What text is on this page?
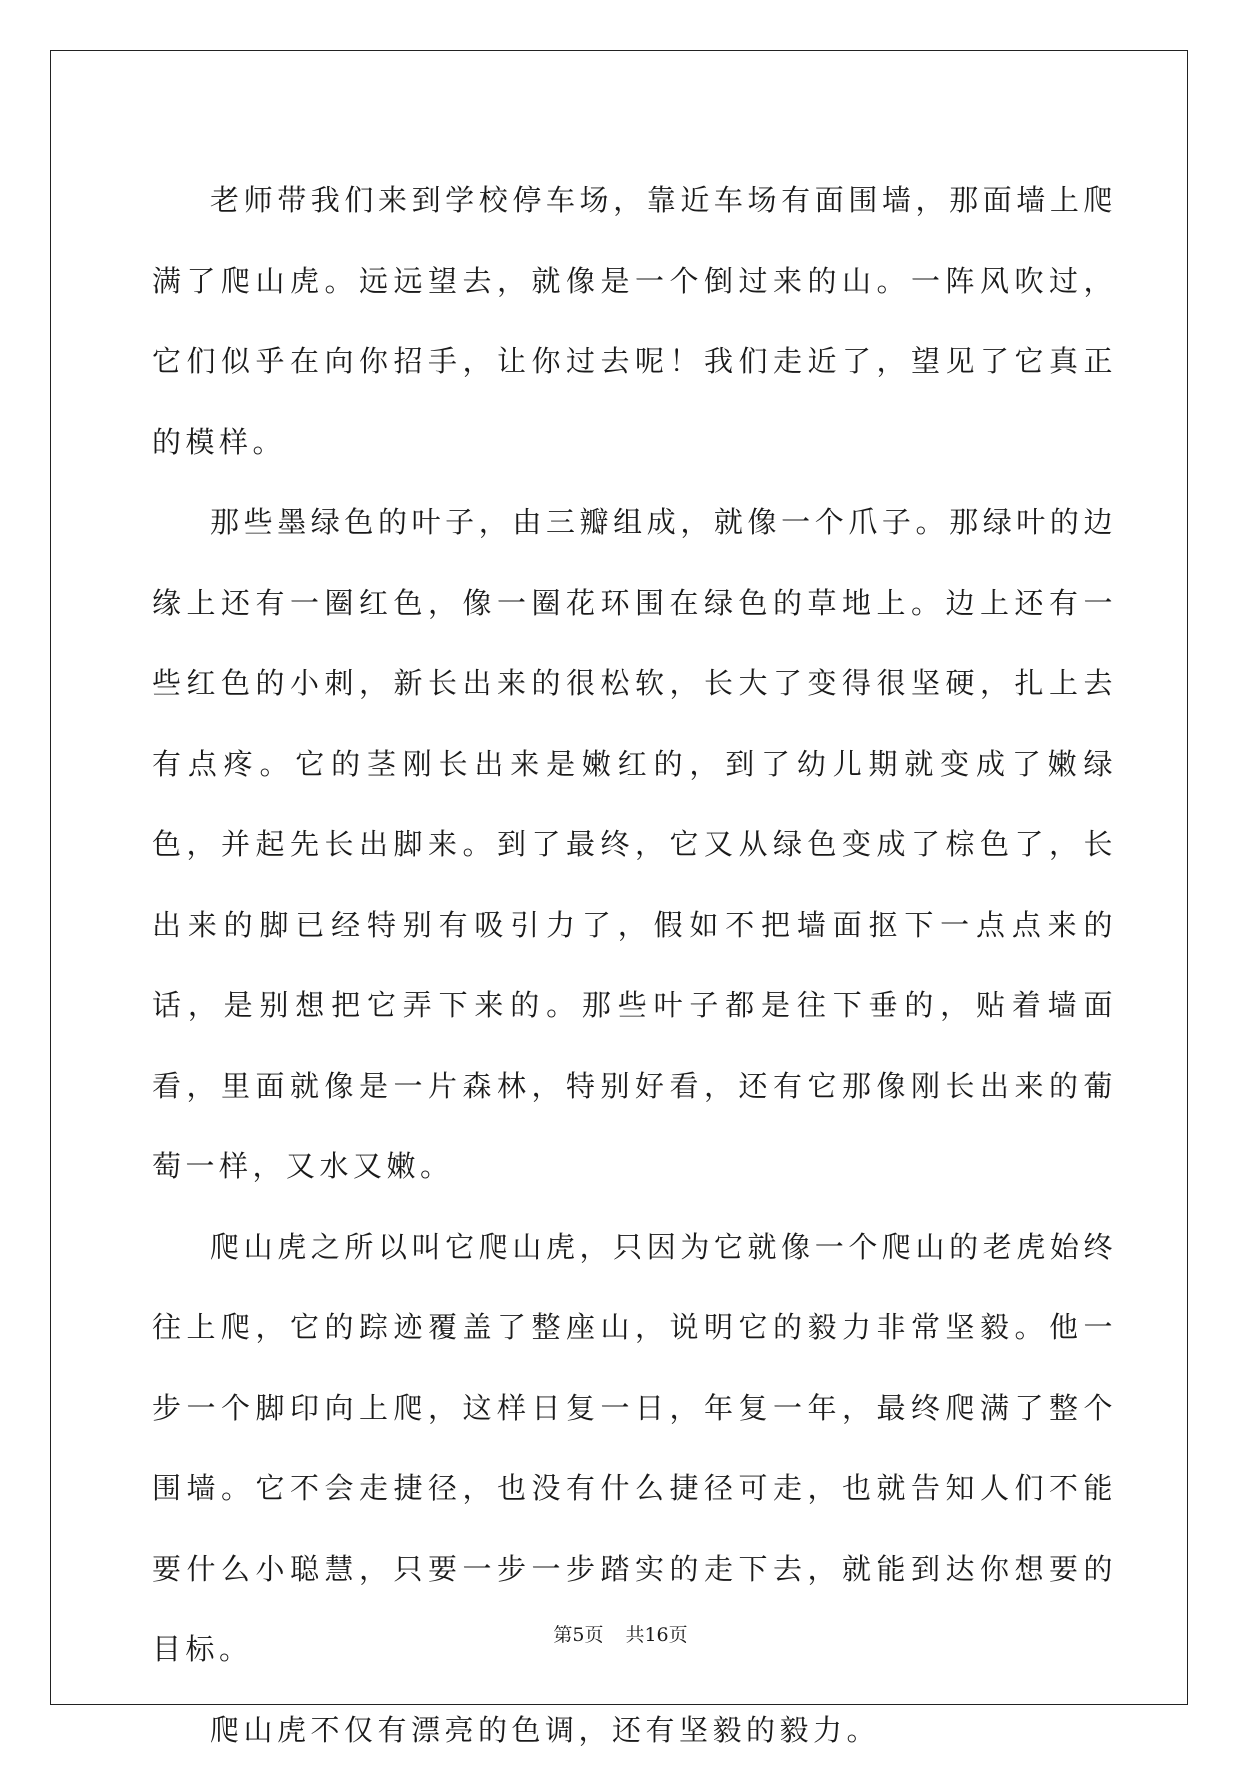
老师带我们来到学校停车场，靠近车场有面围墙，那面墙上爬满了爬山虎。远远望去，就像是一个倒过来的山。一阵风吹过，它们似乎在向你招手，让你过去呢！我们走近了，望见了它真正的模样。

那些墨绿色的叶子，由三瓣组成，就像一个爪子。那绿叶的边缘上还有一圈红色，像一圈花环围在绿色的草地上。边上还有一些红色的小刺，新长出来的很松软，长大了变得很坚硬，扎上去有点疼。它的茎刚长出来是嫩红的，到了幼儿期就变成了嫩绿色，并起先长出脚来。到了最终，它又从绿色变成了棕色了，长出来的脚已经特别有吸引力了，假如不把墙面抠下一点点来的话，是别想把它弄下来的。那些叶子都是往下垂的，贴着墙面看，里面就像是一片森林，特别好看，还有它那像刚长出来的葡萄一样，又水又嫩。

爬山虎之所以叫它爬山虎，只因为它就像一个爬山的老虎始终往上爬，它的踪迹覆盖了整座山，说明它的毅力非常坚毅。他一步一个脚印向上爬，这样日复一日，年复一年，最终爬满了整个围墙。它不会走捷径，也没有什么捷径可走，也就告知人们不能要什么小聪慧，只要一步一步踏实的走下去，就能到达你想要的目标。

爬山虎不仅有漂亮的色调，还有坚毅的毅力。

第5页 共16页
